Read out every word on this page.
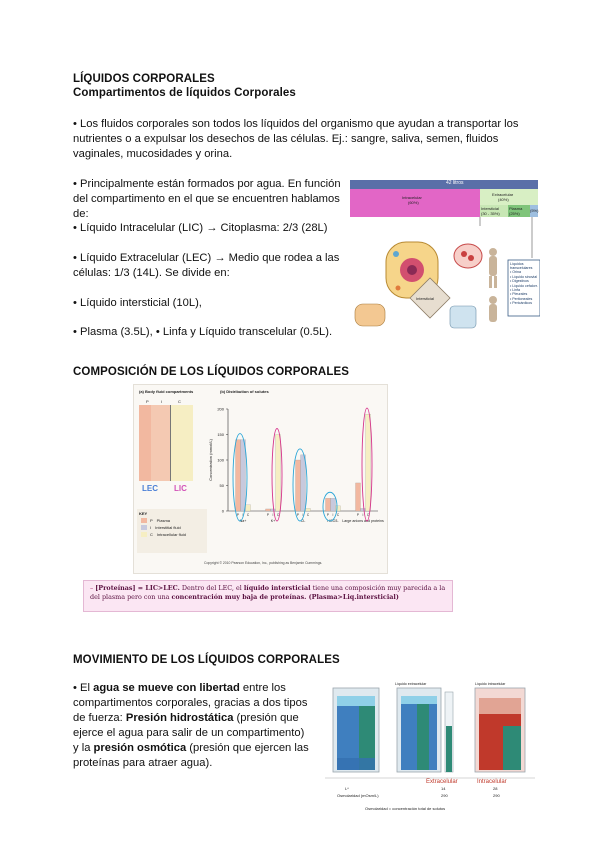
LÍQUIDOS CORPORALES
Compartimentos de líquidos Corporales

• Los fluidos corporales son todos los líquidos del organismo que ayudan a transportar los nutrientes o a expulsar los desechos de las células. Ej.: sangre, saliva, semen, fluidos vaginales, mucosidades y orina.

• Principalmente están formados por agua. En función del compartimento en el que se encuentren hablamos de:

• Líquido Intracelular (LIC) → Citoplasma: 2/3 (28L)

• Líquido Extracelular (LEC) → Medio que rodea a las células: 1/3 (14L). Se divide en:

• Líquido intersticial (10L),

• Plasma (3.5L), • Linfa y Líquido transcelular (0.5L).

42 litros
Intracelular
(60%)
Extracelular
(40%)
Intersticial
(30 - 35%)
Plasma
(25%)
(5%)
Intersticial
Líquidos transcelulares
• Orina
• Líquido sinovial
• Digestivos
• Líquido cefalorr.
• Linfa
• Pleurales
• Peritoneales
• Pericárdicos
COMPOSICIÓN DE LOS LÍQUIDOS CORPORALES
(a) Body fluid compartments	(b) Distribution of solutes
P	I	C
LEC LIC
KEY
P Plasma
I Interstitial fluid
C Intracellular fluid
0
50
100
150
200
Concentration (mmol/L)
P I C
Na+
P I C
K+
P I C
Cl-
P I C
HCO3-
P I C
Large anions and proteins
Copyright © 2010 Pearson Education, Inc., publishing as Benjamin Cummings.
– [Proteínas] = LIC>LEC. Dentro del LEC, el líquido intersticial tiene una composición muy parecida a la del plasma pero con una concentración muy baja de proteínas. (Plasma>Liq.intersticial)
MOVIMIENTO DE LOS LÍQUIDOS CORPORALES

• El agua se mueve con libertad entre los compartimentos corporales, gracias a dos tipos de fuerza: Presión hidrostática (presión que ejerce el agua para salir de un compartimento) y la presión osmótica (presión que ejercen las proteínas para atraer agua).

Líquido extracelular	Líquido intracelular
Extracelular	Intracelular
L*	14	28
Osmolaridad (mOsm/L)	290	290
Osmolaridad = concentración total de solutos
